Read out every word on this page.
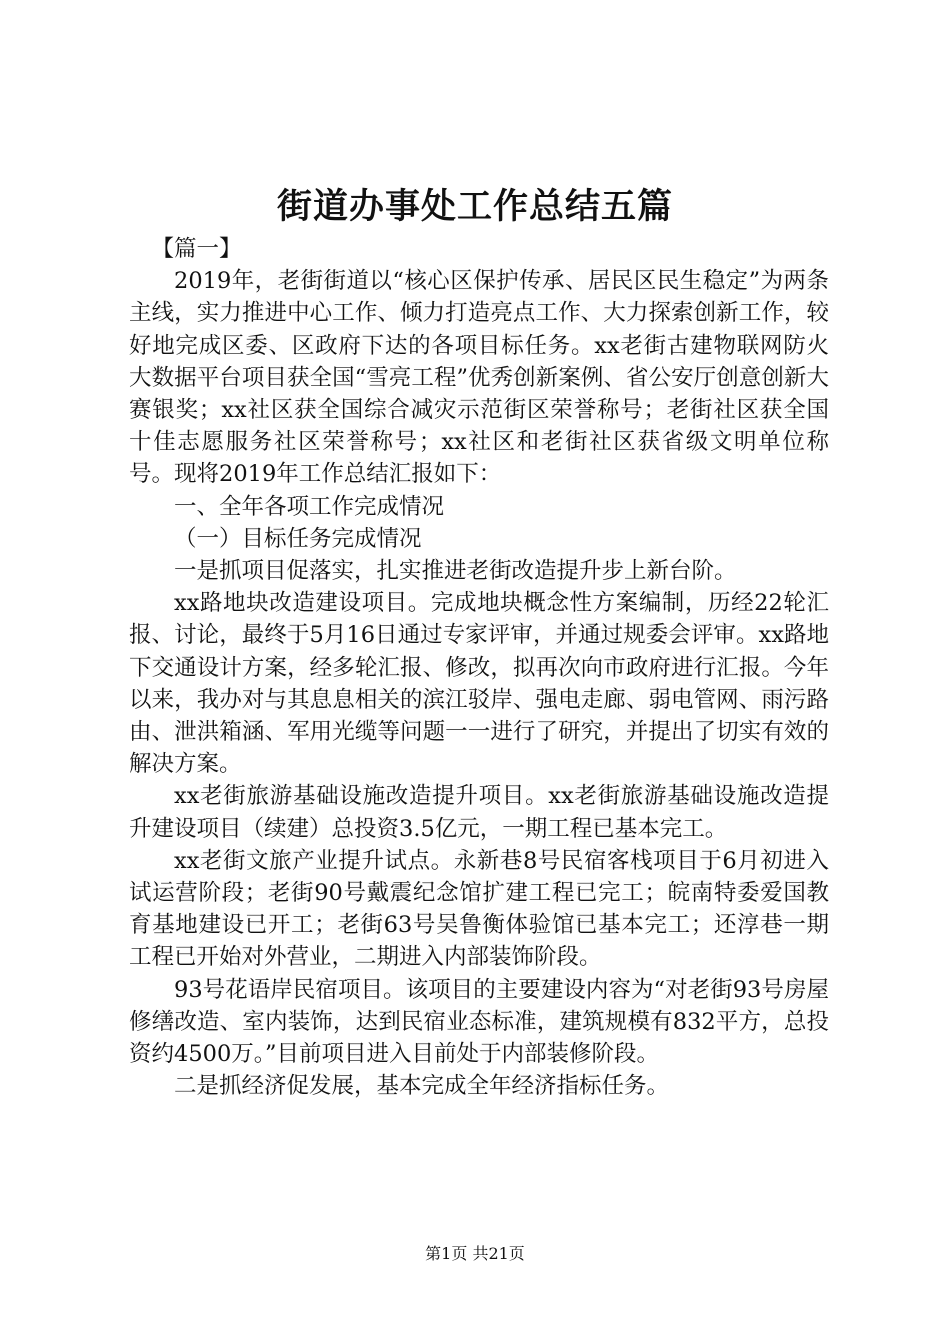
街道办事处工作总结五篇

【篇一】

2019年，老街街道以“核心区保护传承、居民区民生稳定”为两条主线，实力推进中心工作、倾力打造亮点工作、大力探索创新工作，较好地完成区委、区政府下达的各项目标任务。xx老街古建物联网防火大数据平台项目获全国“雪亮工程”优秀创新案例、省公安厅创意创新大赛银奖；xx社区获全国综合减灾示范街区荣誉称号；老街社区获全国十佳志愿服务社区荣誉称号；xx社区和老街社区获省级文明单位称号。现将2019年工作总结汇报如下：

一、全年各项工作完成情况

（一）目标任务完成情况

一是抓项目促落实，扎实推进老街改造提升步上新台阶。

xx路地块改造建设项目。完成地块概念性方案编制，历经22轮汇报、讨论，最终于5月16日通过专家评审，并通过规委会评审。xx路地下交通设计方案，经多轮汇报、修改，拟再次向市政府进行汇报。今年以来，我办对与其息息相关的滨江驳岸、强电走廊、弱电管网、雨污路由、泄洪箱涵、军用光缆等问题一一进行了研究，并提出了切实有效的解决方案。

xx老街旅游基础设施改造提升项目。xx老街旅游基础设施改造提升建设项目（续建）总投资3.5亿元，一期工程已基本完工。

xx老街文旅产业提升试点。永新巷8号民宿客栈项目于6月初进入试运营阶段；老街90号戴震纪念馆扩建工程已完工；皖南特委爱国教育基地建设已开工；老街63号吴鲁衡体验馆已基本完工；还淳巷一期工程已开始对外营业，二期进入内部装饰阶段。

93号花语岸民宿项目。该项目的主要建设内容为“对老街93号房屋修缮改造、室内装饰，达到民宿业态标准，建筑规模有832平方，总投资约4500万。”目前项目进入目前处于内部装修阶段。

二是抓经济促发展，基本完成全年经济指标任务。

第1页 共21页
